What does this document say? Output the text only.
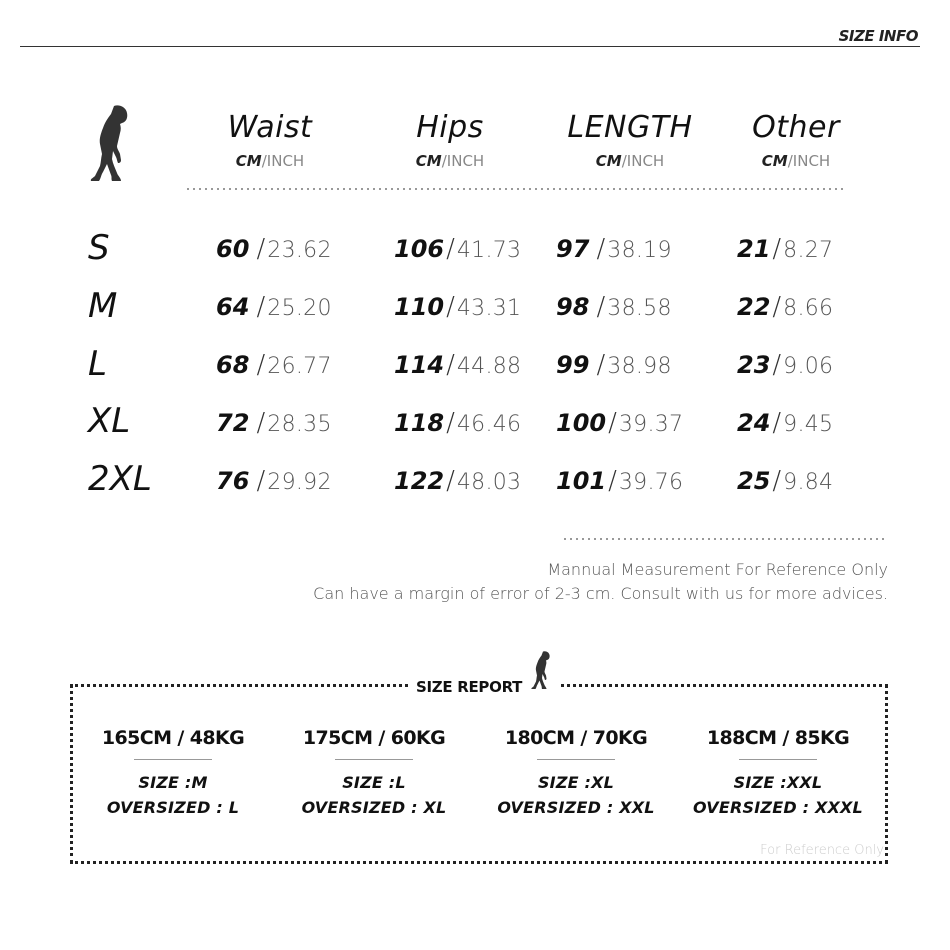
SIZE INFO
Waist
CM/INCH
Hips
CM/INCH
LENGTH
CM/INCH
Other
CM/INCH
S	60 /23.62	106/41.73 97 /38.19	21/8.27
M	64 /25.20	110/43.31 98 /38.58	22/8.66
L	68 /26.77	114/44.88 99 /38.98	23/9.06
XL	72 /28.35	118/46.46 100/39.37 24/9.45
2XL	76 /29.92	122/48.03 101/39.76 25/9.84
Mannual Measurement For Reference Only
Can have a margin of error of 2-3 cm. Consult with us for more advices.
SIZE REPORT
165CM / 48KG
SIZE :M
OVERSIZED : L
175CM / 60KG
SIZE :L
OVERSIZED : XL
180CM / 70KG
SIZE :XL
OVERSIZED : XXL
188CM / 85KG
SIZE :XXL
OVERSIZED : XXXL
For Reference Only
